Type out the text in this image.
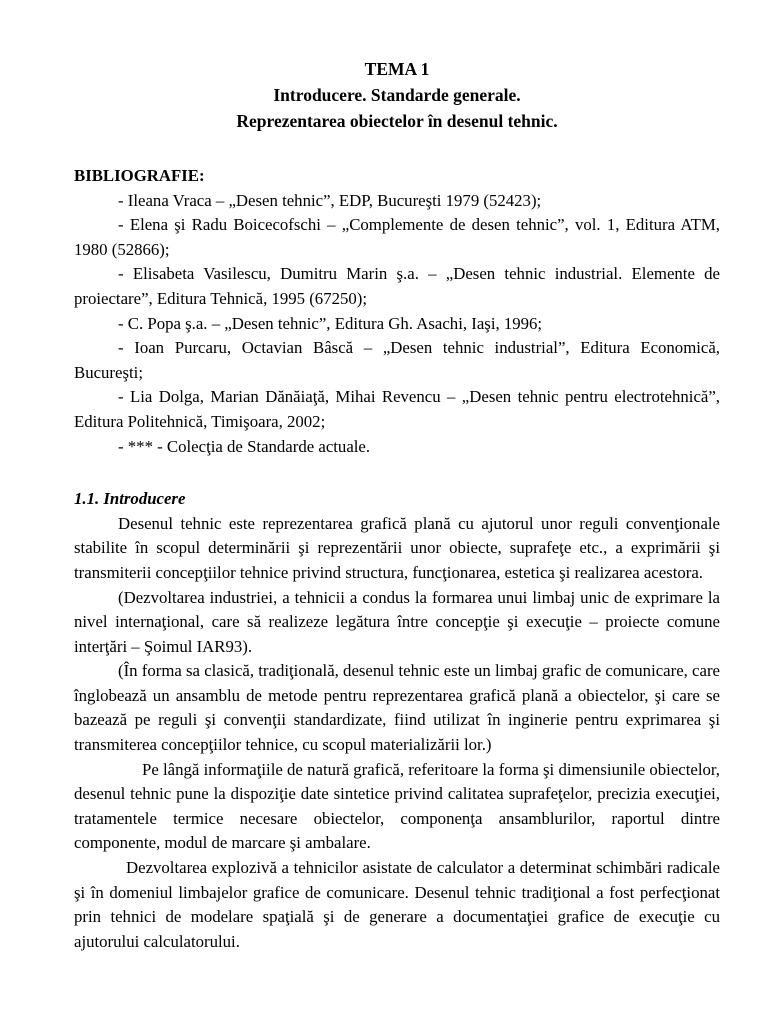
TEMA 1
Introducere. Standarde generale.
Reprezentarea obiectelor în desenul tehnic.
BIBLIOGRAFIE:

- Ileana Vraca – „Desen tehnic”, EDP, Bucureşti 1979 (52423);

- Elena şi Radu Boicecofschi – „Complemente de desen tehnic”, vol. 1, Editura ATM, 1980 (52866);

- Elisabeta Vasilescu, Dumitru Marin ş.a. – „Desen tehnic industrial. Elemente de proiectare”, Editura Tehnică, 1995 (67250);

- C. Popa ş.a. – „Desen tehnic”, Editura Gh. Asachi, Iaşi, 1996;

- Ioan Purcaru, Octavian Bâscă – „Desen tehnic industrial”, Editura Economică, Bucureşti;

- Lia Dolga, Marian Dănăiaţă, Mihai Revencu – „Desen tehnic pentru electrotehnică”, Editura Politehnică, Timişoara, 2002;

- *** - Colecţia de Standarde actuale.

1.1. Introducere

Desenul tehnic este reprezentarea grafică plană cu ajutorul unor reguli convenţionale stabilite în scopul determinării şi reprezentării unor obiecte, suprafeţe etc., a exprimării şi transmiterii concepţiilor tehnice privind structura, funcţionarea, estetica şi realizarea acestora.

(Dezvoltarea industriei, a tehnicii a condus la formarea unui limbaj unic de exprimare la nivel internaţional, care să realizeze legătura între concepţie şi execuţie – proiecte comune interţări – Şoimul IAR93).

(În forma sa clasică, tradiţională, desenul tehnic este un limbaj grafic de comunicare, care înglobează un ansamblu de metode pentru reprezentarea grafică plană a obiectelor, şi care se bazează pe reguli şi convenţii standardizate, fiind utilizat în inginerie pentru exprimarea şi transmiterea concepţiilor tehnice, cu scopul materializării lor.)

Pe lângă informaţiile de natură grafică, referitoare la forma şi dimensiunile obiectelor, desenul tehnic pune la dispoziţie date sintetice privind calitatea suprafeţelor, precizia execuţiei, tratamentele termice necesare obiectelor, componenţa ansamblurilor, raportul dintre componente, modul de marcare şi ambalare.

Dezvoltarea explozivă a tehnicilor asistate de calculator a determinat schimbări radicale şi în domeniul limbajelor grafice de comunicare. Desenul tehnic tradiţional a fost perfecţionat prin tehnici de modelare spaţială şi de generare a documentaţiei grafice de execuţie cu ajutorului calculatorului.
